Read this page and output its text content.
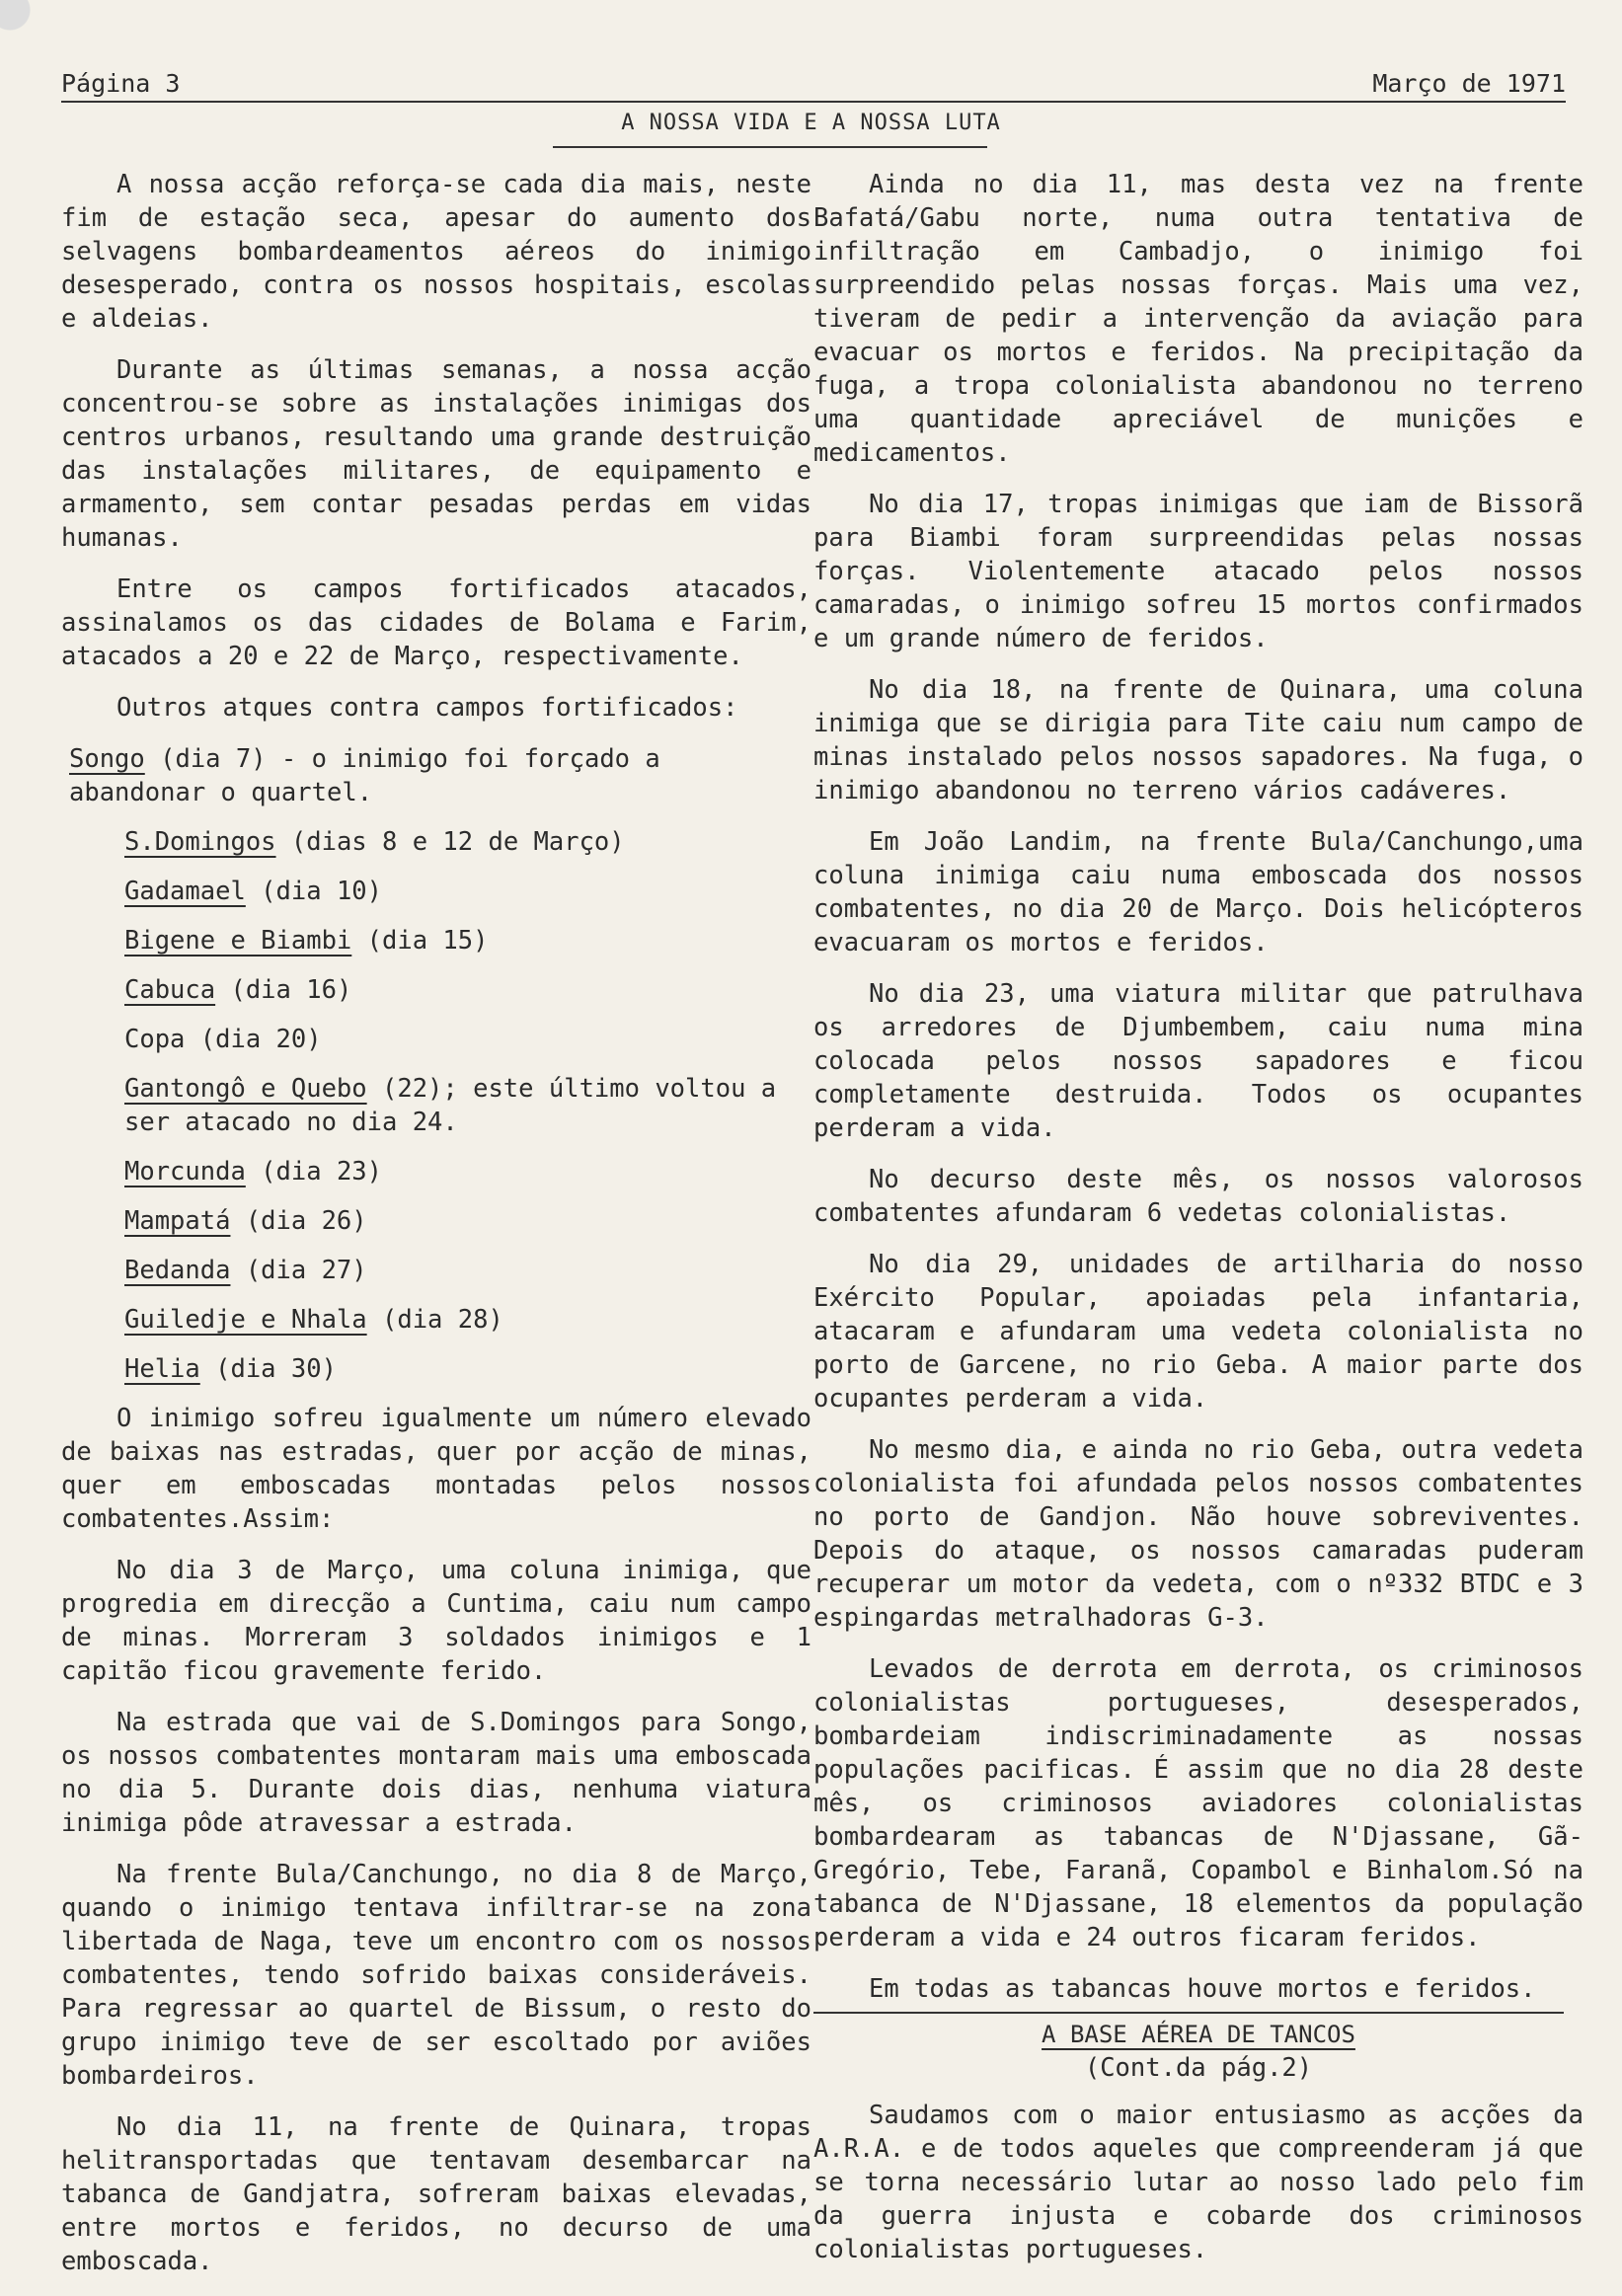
Página 3	Março de 1971
A NOSSA VIDA E A NOSSA LUTA

A nossa acção reforça-se cada dia mais, neste fim de estação seca, apesar do aumento dos selvagens bombardeamentos aéreos do inimigo desesperado, contra os nossos hospitais, escolas e aldeias.

Durante as últimas semanas, a nossa acção concentrou-se sobre as instalações inimigas dos centros urbanos, resultando uma grande destruição das instalações militares, de equipamento e armamento, sem contar pesadas perdas em vidas humanas.

Entre os campos fortificados atacados, assinalamos os das cidades de Bolama e Farim, atacados a 20 e 22 de Março, respectivamente.

Outros atques contra campos fortificados:

Songo (dia 7) - o inimigo foi forçado a abandonar o quartel.
S.Domingos (dias 8 e 12 de Março)
Gadamael (dia 10)
Bigene e Biambi (dia 15)
Cabuca (dia 16)
Copa (dia 20)
Gantongô e Quebo (22); este último voltou a ser atacado no dia 24.
Morcunda (dia 23)
Mampatá (dia 26)
Bedanda (dia 27)
Guiledje e Nhala (dia 28)
Helia (dia 30)

O inimigo sofreu igualmente um número elevado de baixas nas estradas, quer por acção de minas, quer em emboscadas montadas pelos nossos combatentes.Assim:

No dia 3 de Março, uma coluna inimiga, que progredia em direcção a Cuntima, caiu num campo de minas. Morreram 3 soldados inimigos e 1 capitão ficou gravemente ferido.

Na estrada que vai de S.Domingos para Songo, os nossos combatentes montaram mais uma emboscada no dia 5. Durante dois dias, nenhuma viatura inimiga pôde atravessar a estrada.

Na frente Bula/Canchungo, no dia 8 de Março, quando o inimigo tentava infiltrar-se na zona libertada de Naga, teve um encontro com os nossos combatentes, tendo sofrido baixas consideráveis. Para regressar ao quartel de Bissum, o resto do grupo inimigo teve de ser escoltado por aviões bombardeiros.

No dia 11, na frente de Quinara, tropas helitransportadas que tentavam desembarcar na tabanca de Gandjatra, sofreram baixas elevadas, entre mortos e feridos, no decurso de uma emboscada.

Ainda no dia 11, mas desta vez na frente Bafatá/Gabu norte, numa outra tentativa de infiltração em Cambadjo, o inimigo foi surpreendido pelas nossas forças. Mais uma vez, tiveram de pedir a intervenção da aviação para evacuar os mortos e feridos. Na precipitação da fuga, a tropa colonialista abandonou no terreno uma quantidade apreciável de munições e medicamentos.

No dia 17, tropas inimigas que iam de Bissorã para Biambi foram surpreendidas pelas nossas forças. Violentemente atacado pelos nossos camaradas, o inimigo sofreu 15 mortos confirmados e um grande número de feridos.

No dia 18, na frente de Quinara, uma coluna inimiga que se dirigia para Tite caiu num campo de minas instalado pelos nossos sapadores. Na fuga, o inimigo abandonou no terreno vários cadáveres.

Em João Landim, na frente Bula/Canchungo,uma coluna inimiga caiu numa emboscada dos nossos combatentes, no dia 20 de Março. Dois helicópteros evacuaram os mortos e feridos.

No dia 23, uma viatura militar que patrulhava os arredores de Djumbembem, caiu numa mina colocada pelos nossos sapadores e ficou completamente destruida. Todos os ocupantes perderam a vida.

No decurso deste mês, os nossos valorosos combatentes afundaram 6 vedetas colonialistas.

No dia 29, unidades de artilharia do nosso Exército Popular, apoiadas pela infantaria, atacaram e afundaram uma vedeta colonialista no porto de Garcene, no rio Geba. A maior parte dos ocupantes perderam a vida.

No mesmo dia, e ainda no rio Geba, outra vedeta colonialista foi afundada pelos nossos combatentes no porto de Gandjon. Não houve sobreviventes. Depois do ataque, os nossos camaradas puderam recuperar um motor da vedeta, com o nº332 BTDC e 3 espingardas metralhadoras G-3.

Levados de derrota em derrota, os criminosos colonialistas portugueses, desesperados, bombardeiam indiscriminadamente as nossas populações pacificas. É assim que no dia 28 deste mês, os criminosos aviadores colonialistas bombardearam as tabancas de N'Djassane, Gã-Gregório, Tebe, Faranã, Copambol e Binhalom.Só na tabanca de N'Djassane, 18 elementos da população perderam a vida e 24 outros ficaram feridos.

Em todas as tabancas houve mortos e feridos.

A BASE AÉREA DE TANCOS
(Cont.da pág.2)

Saudamos com o maior entusiasmo as acções da A.R.A. e de todos aqueles que compreenderam já que se torna necessário lutar ao nosso lado pelo fim da guerra injusta e cobarde dos criminosos colonialistas portugueses.
